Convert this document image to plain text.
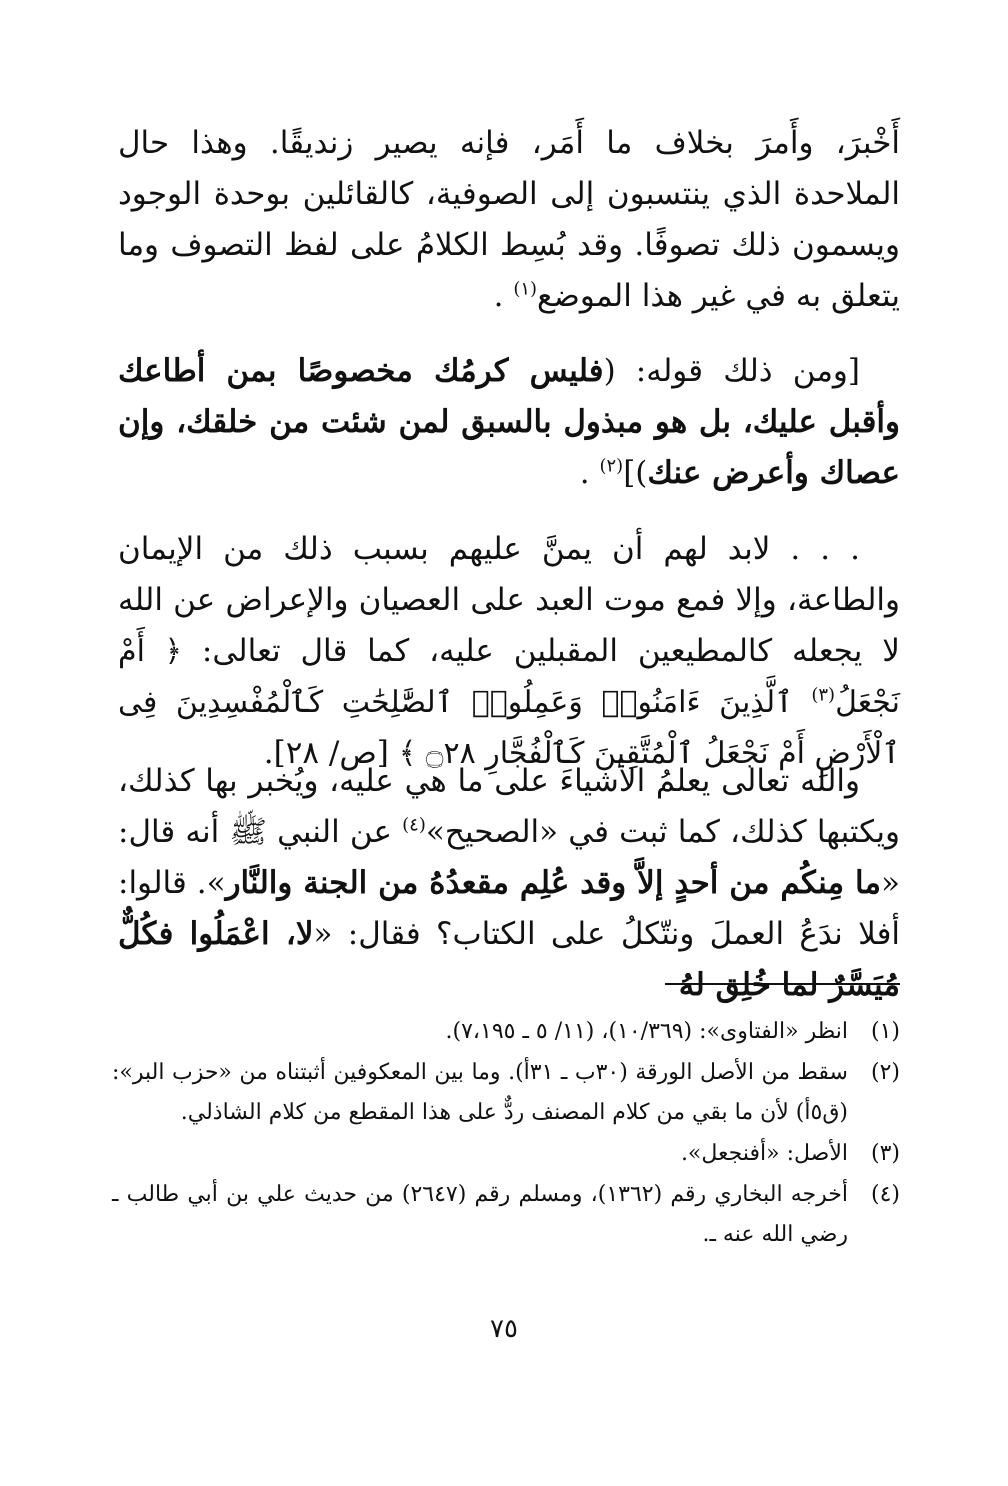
أَخْبرَ، وأَمرَ بخلاف ما أَمَر، فإنه يصير زنديقًا. وهذا حال الملاحدة الذي ينتسبون إلى الصوفية، كالقائلين بوحدة الوجود ويسمون ذلك تصوفًا. وقد بُسِط الكلامُ على لفظ التصوف وما يتعلق به في غير هذا الموضع$^{(١)}$ .

[ومن ذلك قوله: (فليس كرمُك مخصوصًا بمن أطاعك وأقبل عليك، بل هو مبذول بالسبق لمن شئت من خلقك، وإن عصاك وأعرض عنك)]$^{(٢)}$ .

. . . لابد لهم أن يمنَّ عليهم بسبب ذلك من الإيمان والطاعة، وإلا فمع موت العبد على العصيان والإعراض عن الله لا يجعله كالمطيعين المقبلين عليه، كما قال تعالى: ﴿ أَمْ نَجْعَلُ$^{(٣)}$ ٱلَّذِينَ ءَامَنُوا۟ وَعَمِلُوا۟ ٱلصَّٰلِحَٰتِ كَٱلْمُفْسِدِينَ فِى ٱلْأَرْضِ أَمْ نَجْعَلُ ٱلْمُتَّقِينَ كَٱلْفُجَّارِ ۝٢٨ ﴾ [ص/ ٢٨].

والله تعالى يعلمُ الأشياءَ على ما هي عليه، ويُخبر بها كذلك، ويكتبها كذلك، كما ثبت في «الصحيح»$^{(٤)}$ عن النبي ﷺ أنه قال: «ما مِنكُم من أحدٍ إلاَّ وقد عُلِم مقعدُهُ من الجنة والنَّار». قالوا: أفلا ندَعُ العملَ ونتّكلُ على الكتاب؟ فقال: «لا، اعْمَلُوا فكُلٌّ مُيَسَّرٌ لما خُلِق لهُ

(١)
انظر «الفتاوى»: (١٠/٣٦٩)، (١١/ ٥ ـ ٧،١٩٥).
(٢)
سقط من الأصل الورقة (٣٠ب ـ ٣١أ). وما بين المعكوفين أثبتناه من «حزب البر»: (ق٥أ) لأن ما بقي من كلام المصنف ردٌّ على هذا المقطع من كلام الشاذلي.
(٣)
الأصل: «أفنجعل».
(٤)
أخرجه البخاري رقم (١٣٦٢)، ومسلم رقم (٢٦٤٧) من حديث علي بن أبي طالب ـ رضي الله عنه ـ.
٧٥
